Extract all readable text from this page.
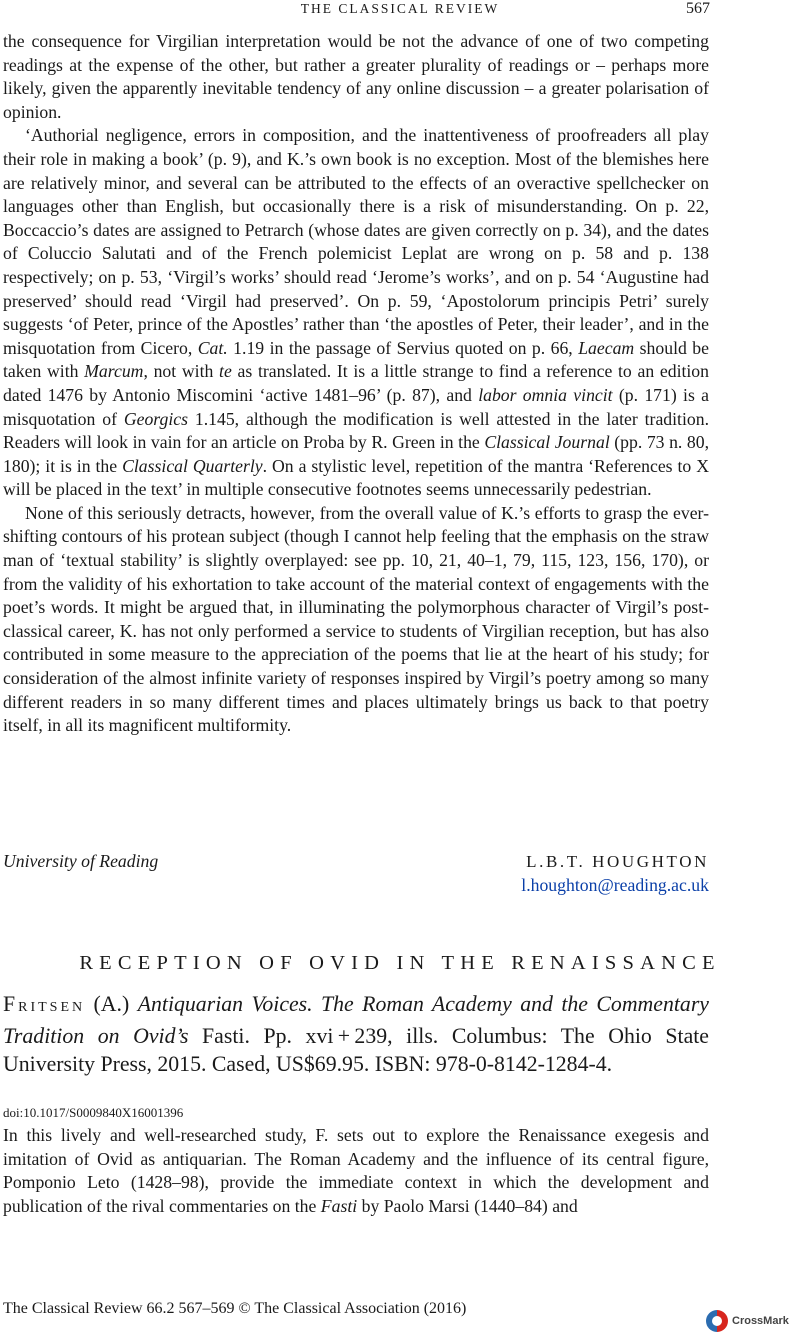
THE CLASSICAL REVIEW	567

the consequence for Virgilian interpretation would be not the advance of one of two competing readings at the expense of the other, but rather a greater plurality of readings or – perhaps more likely, given the apparently inevitable tendency of any online discussion – a greater polarisation of opinion.

‘Authorial negligence, errors in composition, and the inattentiveness of proofreaders all play their role in making a book’ (p. 9), and K.’s own book is no exception. Most of the blemishes here are relatively minor, and several can be attributed to the effects of an overactive spellchecker on languages other than English, but occasionally there is a risk of misunderstanding. On p. 22, Boccaccio’s dates are assigned to Petrarch (whose dates are given correctly on p. 34), and the dates of Coluccio Salutati and of the French polemicist Leplat are wrong on p. 58 and p. 138 respectively; on p. 53, ‘Virgil’s works’ should read ‘Jerome’s works’, and on p. 54 ‘Augustine had preserved’ should read ‘Virgil had preserved’. On p. 59, ‘Apostolorum principis Petri’ surely suggests ‘of Peter, prince of the Apostles’ rather than ‘the apostles of Peter, their leader’, and in the misquotation from Cicero, Cat. 1.19 in the passage of Servius quoted on p. 66, Laecam should be taken with Marcum, not with te as translated. It is a little strange to find a reference to an edition dated 1476 by Antonio Miscomini ‘active 1481–96’ (p. 87), and labor omnia vincit (p. 171) is a misquotation of Georgics 1.145, although the modification is well attested in the later tradition. Readers will look in vain for an article on Proba by R. Green in the Classical Journal (pp. 73 n. 80, 180); it is in the Classical Quarterly. On a stylistic level, repetition of the mantra ‘References to X will be placed in the text’ in multiple consecutive footnotes seems unnecessarily pedestrian.

None of this seriously detracts, however, from the overall value of K.’s efforts to grasp the ever-shifting contours of his protean subject (though I cannot help feeling that the emphasis on the straw man of ‘textual stability’ is slightly overplayed: see pp. 10, 21, 40–1, 79, 115, 123, 156, 170), or from the validity of his exhortation to take account of the material context of engagements with the poet’s words. It might be argued that, in illuminating the polymorphous character of Virgil’s post-classical career, K. has not only performed a service to students of Virgilian reception, but has also contributed in some measure to the appreciation of the poems that lie at the heart of his study; for consideration of the almost infinite variety of responses inspired by Virgil’s poetry among so many different readers in so many different times and places ultimately brings us back to that poetry itself, in all its magnificent multiformity.

University of Reading	L.B.T. HOUGHTON
l.houghton@reading.ac.uk
RECEPTION OF OVID IN THE RENAISSANCE
FRITSEN (A.) Antiquarian Voices. The Roman Academy and the Commentary Tradition on Ovid’s Fasti. Pp. xvi + 239, ills. Columbus: The Ohio State University Press, 2015. Cased, US$69.95. ISBN: 978-0-8142-1284-4.
doi:10.1017/S0009840X16001396

In this lively and well-researched study, F. sets out to explore the Renaissance exegesis and imitation of Ovid as antiquarian. The Roman Academy and the influence of its central figure, Pomponio Leto (1428–98), provide the immediate context in which the development and publication of the rival commentaries on the Fasti by Paolo Marsi (1440–84) and

The Classical Review 66.2 567–569 © The Classical Association (2016)
CrossMark
